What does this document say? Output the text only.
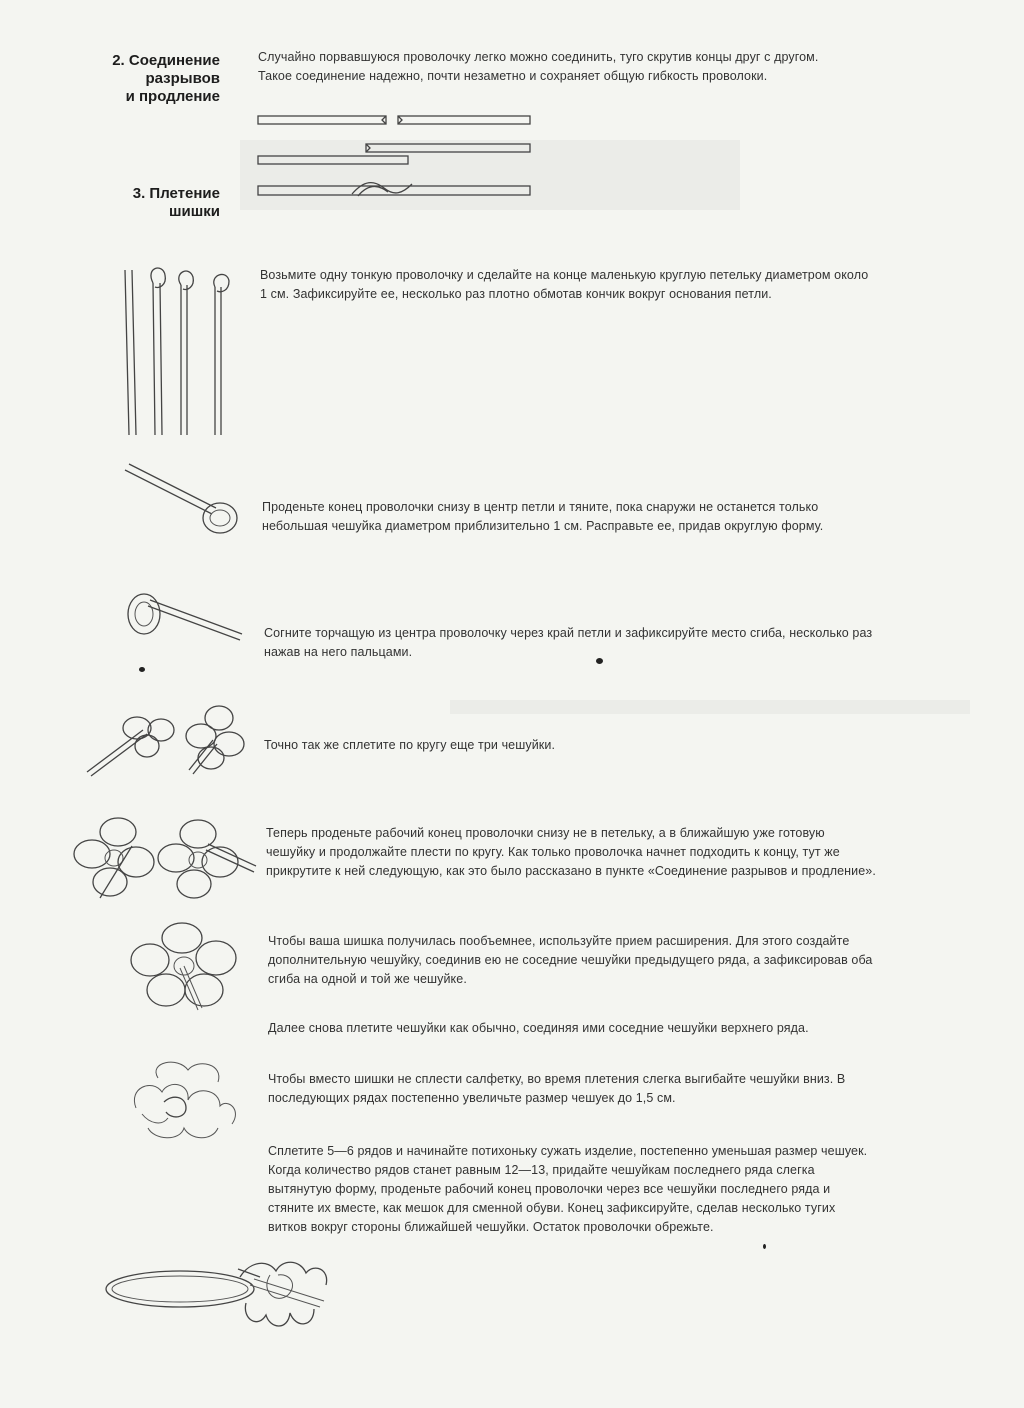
2. Соединение
разрывов
и продление
Случайно порвавшуюся проволочку легко можно соединить, туго скрутив концы друг с другом.
Такое соединение надежно, почти незаметно и сохраняет общую гибкость проволоки.
3. Плетение
шишки
Возьмите одну тонкую проволочку и сделайте на конце маленькую круглую петельку диаметром около
1 см. Зафиксируйте ее, несколько раз плотно обмотав кончик вокруг основания петли.
Проденьте конец проволочки снизу в центр петли и тяните, пока снаружи не останется только
небольшая чешуйка диаметром приблизительно 1 см. Расправьте ее, придав округлую форму.
Согните торчащую из центра проволочку через край петли и зафиксируйте место сгиба, несколько раз
нажав на него пальцами.
Точно так же сплетите по кругу еще три чешуйки.
Теперь проденьте рабочий конец проволочки снизу не в петельку, а в ближайшую уже готовую
чешуйку и продолжайте плести по кругу. Как только проволочка начнет подходить к концу, тут же
прикрутите к ней следующую, как это было рассказано в пункте «Соединение разрывов и продление».
Чтобы ваша шишка получилась пообъемнее, используйте прием расширения. Для этого создайте
дополнительную чешуйку, соединив ею не соседние чешуйки предыдущего ряда, а зафиксировав оба
сгиба на одной и той же чешуйке.
Далее снова плетите чешуйки как обычно, соединяя ими соседние чешуйки верхнего ряда.
Чтобы вместо шишки не сплести салфетку, во время плетения слегка выгибайте чешуйки вниз. В
последующих рядах постепенно увеличьте размер чешуек до 1,5 см.
Сплетите 5—6 рядов и начинайте потихоньку сужать изделие, постепенно уменьшая размер чешуек.
Когда количество рядов станет равным 12—13, придайте чешуйкам последнего ряда слегка
вытянутую форму, проденьте рабочий конец проволочки через все чешуйки последнего ряда и
стяните их вместе, как мешок для сменной обуви. Конец зафиксируйте, сделав несколько тугих
витков вокруг стороны ближайшей чешуйки. Остаток проволочки обрежьте.
